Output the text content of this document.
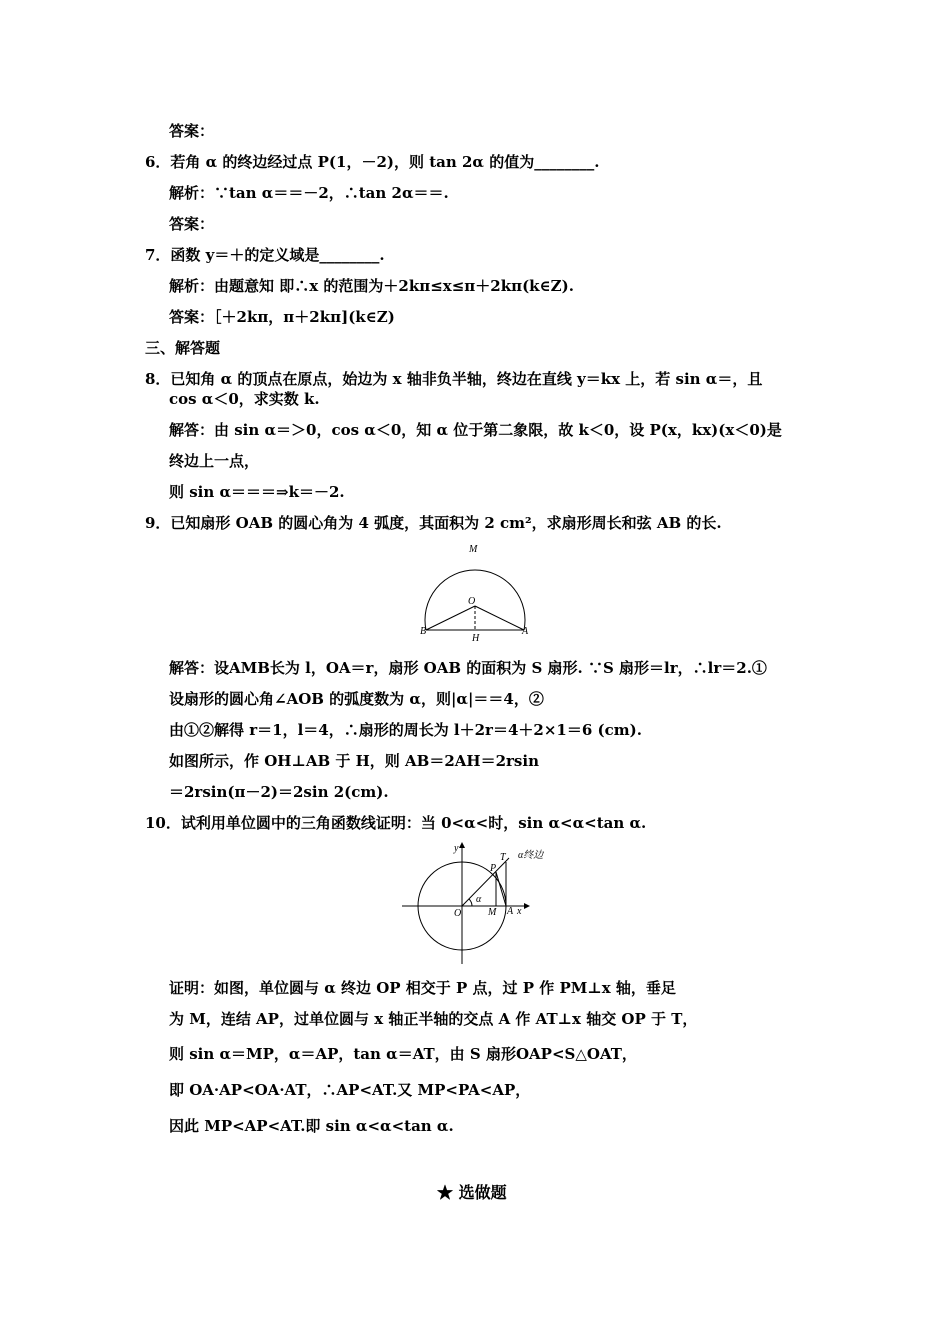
答案：
6．若角 α 的终边经过点 P(1，－2)，则 tan 2α 的值为________.
解析：∵tan α＝＝－2，∴tan 2α＝＝.
答案：
7．函数 y＝＋的定义域是________.
解析：由题意知 即∴x 的范围为＋2kπ≤x≤π＋2kπ(k∈Z).
答案：［＋2kπ，π＋2kπ](k∈Z)
三、解答题
8．已知角 α 的顶点在原点，始边为 x 轴非负半轴，终边在直线 y＝kx 上，若 sin α＝，且
cos α＜0，求实数 k.
解答：由 sin α＝＞0，cos α＜0，知 α 位于第二象限，故 k＜0，设 P(x，kx)(x＜0)是
终边上一点，
则 sin α＝＝＝⇒k＝－2.
9．已知扇形 OAB 的圆心角为 4 弧度，其面积为 2 cm²，求扇形周长和弦 AB 的长.
M
O
B
H
A
解答：设AMB长为 l，OA＝r，扇形 OAB 的面积为 S 扇形. ∵S 扇形＝lr，∴lr＝2.①
设扇形的圆心角∠AOB 的弧度数为 α，则|α|＝＝4，②
由①②解得 r＝1，l＝4，∴扇形的周长为 l＋2r＝4＋2×1＝6 (cm).
如图所示，作 OH⊥AB 于 H，则 AB＝2AH＝2rsin
＝2rsin(π－2)＝2sin 2(cm).
10．试利用单位圆中的三角函数线证明：当 0<α<时，sin α<α<tan α.
y
T α终边
P
α
O	M A x
证明：如图，单位圆与 α 终边 OP 相交于 P 点，过 P 作 PM⊥x 轴，垂足
为 M，连结 AP，过单位圆与 x 轴正半轴的交点 A 作 AT⊥x 轴交 OP 于 T，
则 sin α＝MP，α＝AP，tan α＝AT，由 S 扇形OAP<S△OAT，
即 OA·AP<OA·AT，∴AP<AT.又 MP<PA<AP，
因此 MP<AP<AT.即 sin α<α<tan α.
★ 选做题
